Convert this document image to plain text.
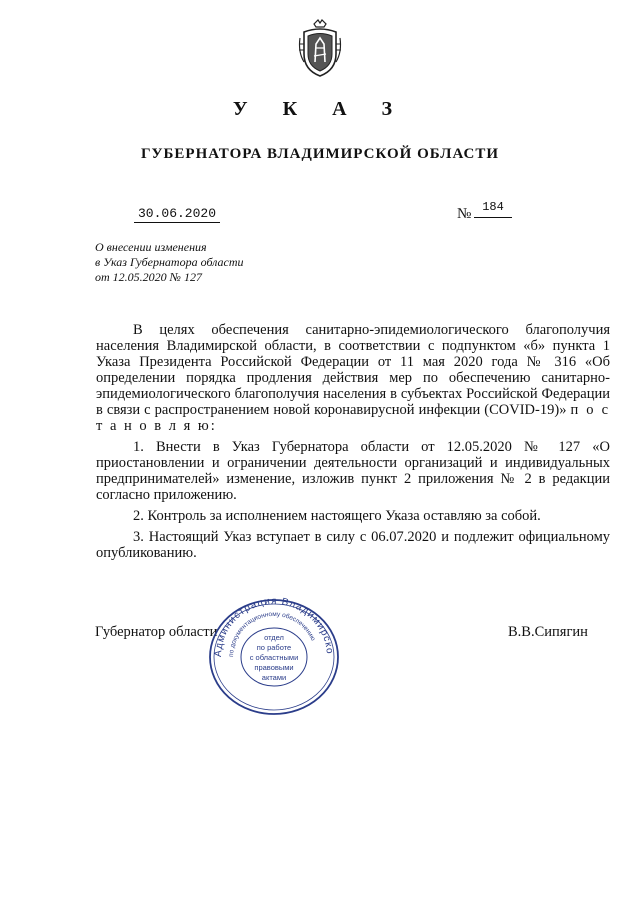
У К А З
ГУБЕРНАТОРА ВЛАДИМИРСКОЙ ОБЛАСТИ
30.06.2020	№ 184
О внесении изменения
в Указ Губернатора области
от 12.05.2020 № 127

В целях обеспечения санитарно-эпидемиологического благополучия населения Владимирской области, в соответствии с подпунктом «б» пункта 1 Указа Президента Российской Федерации от 11 мая 2020 года № 316 «Об определении порядка продления действия мер по обеспечению санитарно-эпидемиологического благополучия населения в субъектах Российской Федерации в связи с распространением новой коронавирусной инфекции (COVID-19)» п о с т а н о в л я ю:

1. Внести в Указ Губернатора области от 12.05.2020 № 127 «О приостановлении и ограничении деятельности организаций и индивидуальных предпринимателей» изменение, изложив пункт 2 приложения № 2 в редакции согласно приложению.

2. Контроль за исполнением настоящего Указа оставляю за собой.

3. Настоящий Указ вступает в силу с 06.07.2020 и подлежит официальному опубликованию.

Губернатор области	В.В.Сипягин
Администрация Владимирско
по документационному обеспечению
отдел
по работе
с областными
правовыми
актами
